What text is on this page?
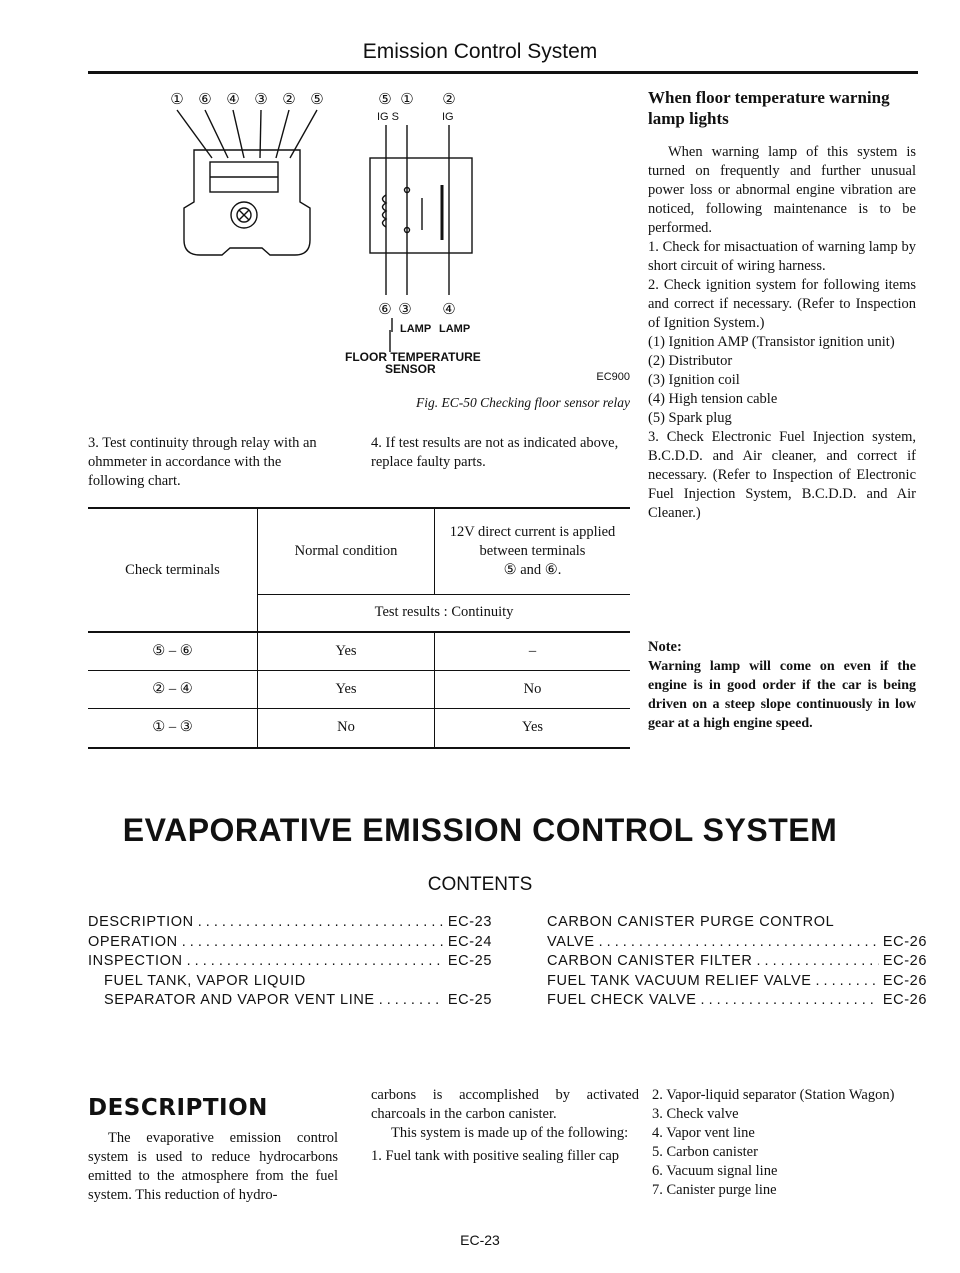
Emission Control System
① ⑥ ④ ③ ② ⑤	⑤ ① ②
IG S	IG
⑥ ③ ④
LAMP LAMP
FLOOR TEMPERATURE
SENSOR
EC900
Fig. EC-50 Checking floor sensor relay
3. Test continuity through relay with an ohmmeter in accordance with the following chart.
4. If test results are not as indicated above, replace faulty parts.
Check terminals	Normal condition	12V direct current is applied
between terminals
⑤ and ⑥.

	Test results : Continuity	
⑤ – ⑥	Yes	–
② – ④	Yes	No
① – ③	No	Yes
When floor temperature warning lamp lights

When warning lamp of this system is turned on frequently and further unusual power loss or abnormal engine vibration are noticed, following maintenance is to be performed.

1. Check for misactuation of warning lamp by short circuit of wiring harness.

2. Check ignition system for following items and correct if necessary. (Refer to Inspection of Ignition System.)

(1) Ignition AMP (Transistor ignition unit)

(2) Distributor

(3) Ignition coil

(4) High tension cable

(5) Spark plug

3. Check Electronic Fuel Injection system, B.C.D.D. and Air cleaner, and correct if necessary. (Refer to Inspection of Electronic Fuel Injection System, B.C.D.D. and Air Cleaner.)

Note:
Warning lamp will come on even if the engine is in good order if the car is being driven on a steep slope continuously in low gear at a high engine speed.
EVAPORATIVE EMISSION CONTROL SYSTEM
CONTENTS
DESCRIPTION . . .	EC-23
OPERATION . . .	EC-24
INSPECTION . . .	EC-25
FUEL TANK, VAPOR LIQUID
SEPARATOR AND VAPOR VENT LINE . . .	EC-25
CARBON CANISTER PURGE CONTROL
VALVE . . .	EC-26
CARBON CANISTER FILTER . . .	EC-26
FUEL TANK VACUUM RELIEF VALVE . . .	EC-26
FUEL CHECK VALVE . . .	EC-26
DESCRIPTION
The evaporative emission control system is used to reduce hydrocarbons emitted to the atmosphere from the fuel system. This reduction of hydro-
carbons is accomplished by activated charcoals in the carbon canister.
This system is made up of the following:
1. Fuel tank with positive sealing filler cap
2. Vapor-liquid separator (Station Wagon)
3. Check valve
4. Vapor vent line
5. Carbon canister
6. Vacuum signal line
7. Canister purge line
EC-23
